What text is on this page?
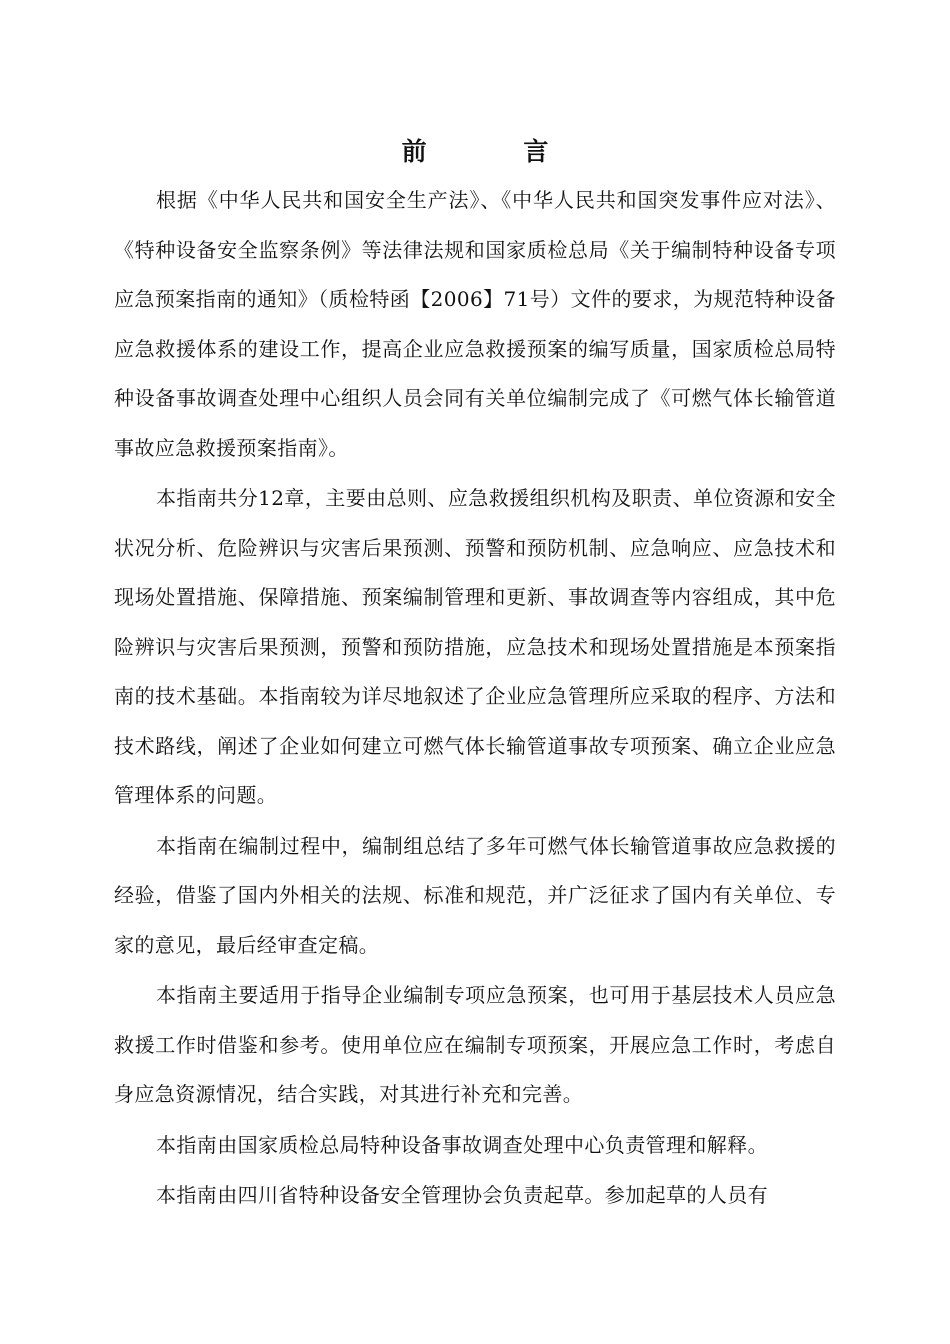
前 言

根据《中华人民共和国安全生产法》、《中华人民共和国突发事件应对法》、《特种设备安全监察条例》等法律法规和国家质检总局《关于编制特种设备专项应急预案指南的通知》（质检特函【2006】71号）文件的要求，为规范特种设备应急救援体系的建设工作，提高企业应急救援预案的编写质量，国家质检总局特种设备事故调查处理中心组织人员会同有关单位编制完成了《可燃气体长输管道事故应急救援预案指南》。

本指南共分12章，主要由总则、应急救援组织机构及职责、单位资源和安全状况分析、危险辨识与灾害后果预测、预警和预防机制、应急响应、应急技术和现场处置措施、保障措施、预案编制管理和更新、事故调查等内容组成，其中危险辨识与灾害后果预测，预警和预防措施，应急技术和现场处置措施是本预案指南的技术基础。本指南较为详尽地叙述了企业应急管理所应采取的程序、方法和技术路线，阐述了企业如何建立可燃气体长输管道事故专项预案、确立企业应急管理体系的问题。

本指南在编制过程中，编制组总结了多年可燃气体长输管道事故应急救援的经验，借鉴了国内外相关的法规、标准和规范，并广泛征求了国内有关单位、专家的意见，最后经审查定稿。

本指南主要适用于指导企业编制专项应急预案，也可用于基层技术人员应急救援工作时借鉴和参考。使用单位应在编制专项预案，开展应急工作时，考虑自身应急资源情况，结合实践，对其进行补充和完善。

本指南由国家质检总局特种设备事故调查处理中心负责管理和解释。

本指南由四川省特种设备安全管理协会负责起草。参加起草的人员有
